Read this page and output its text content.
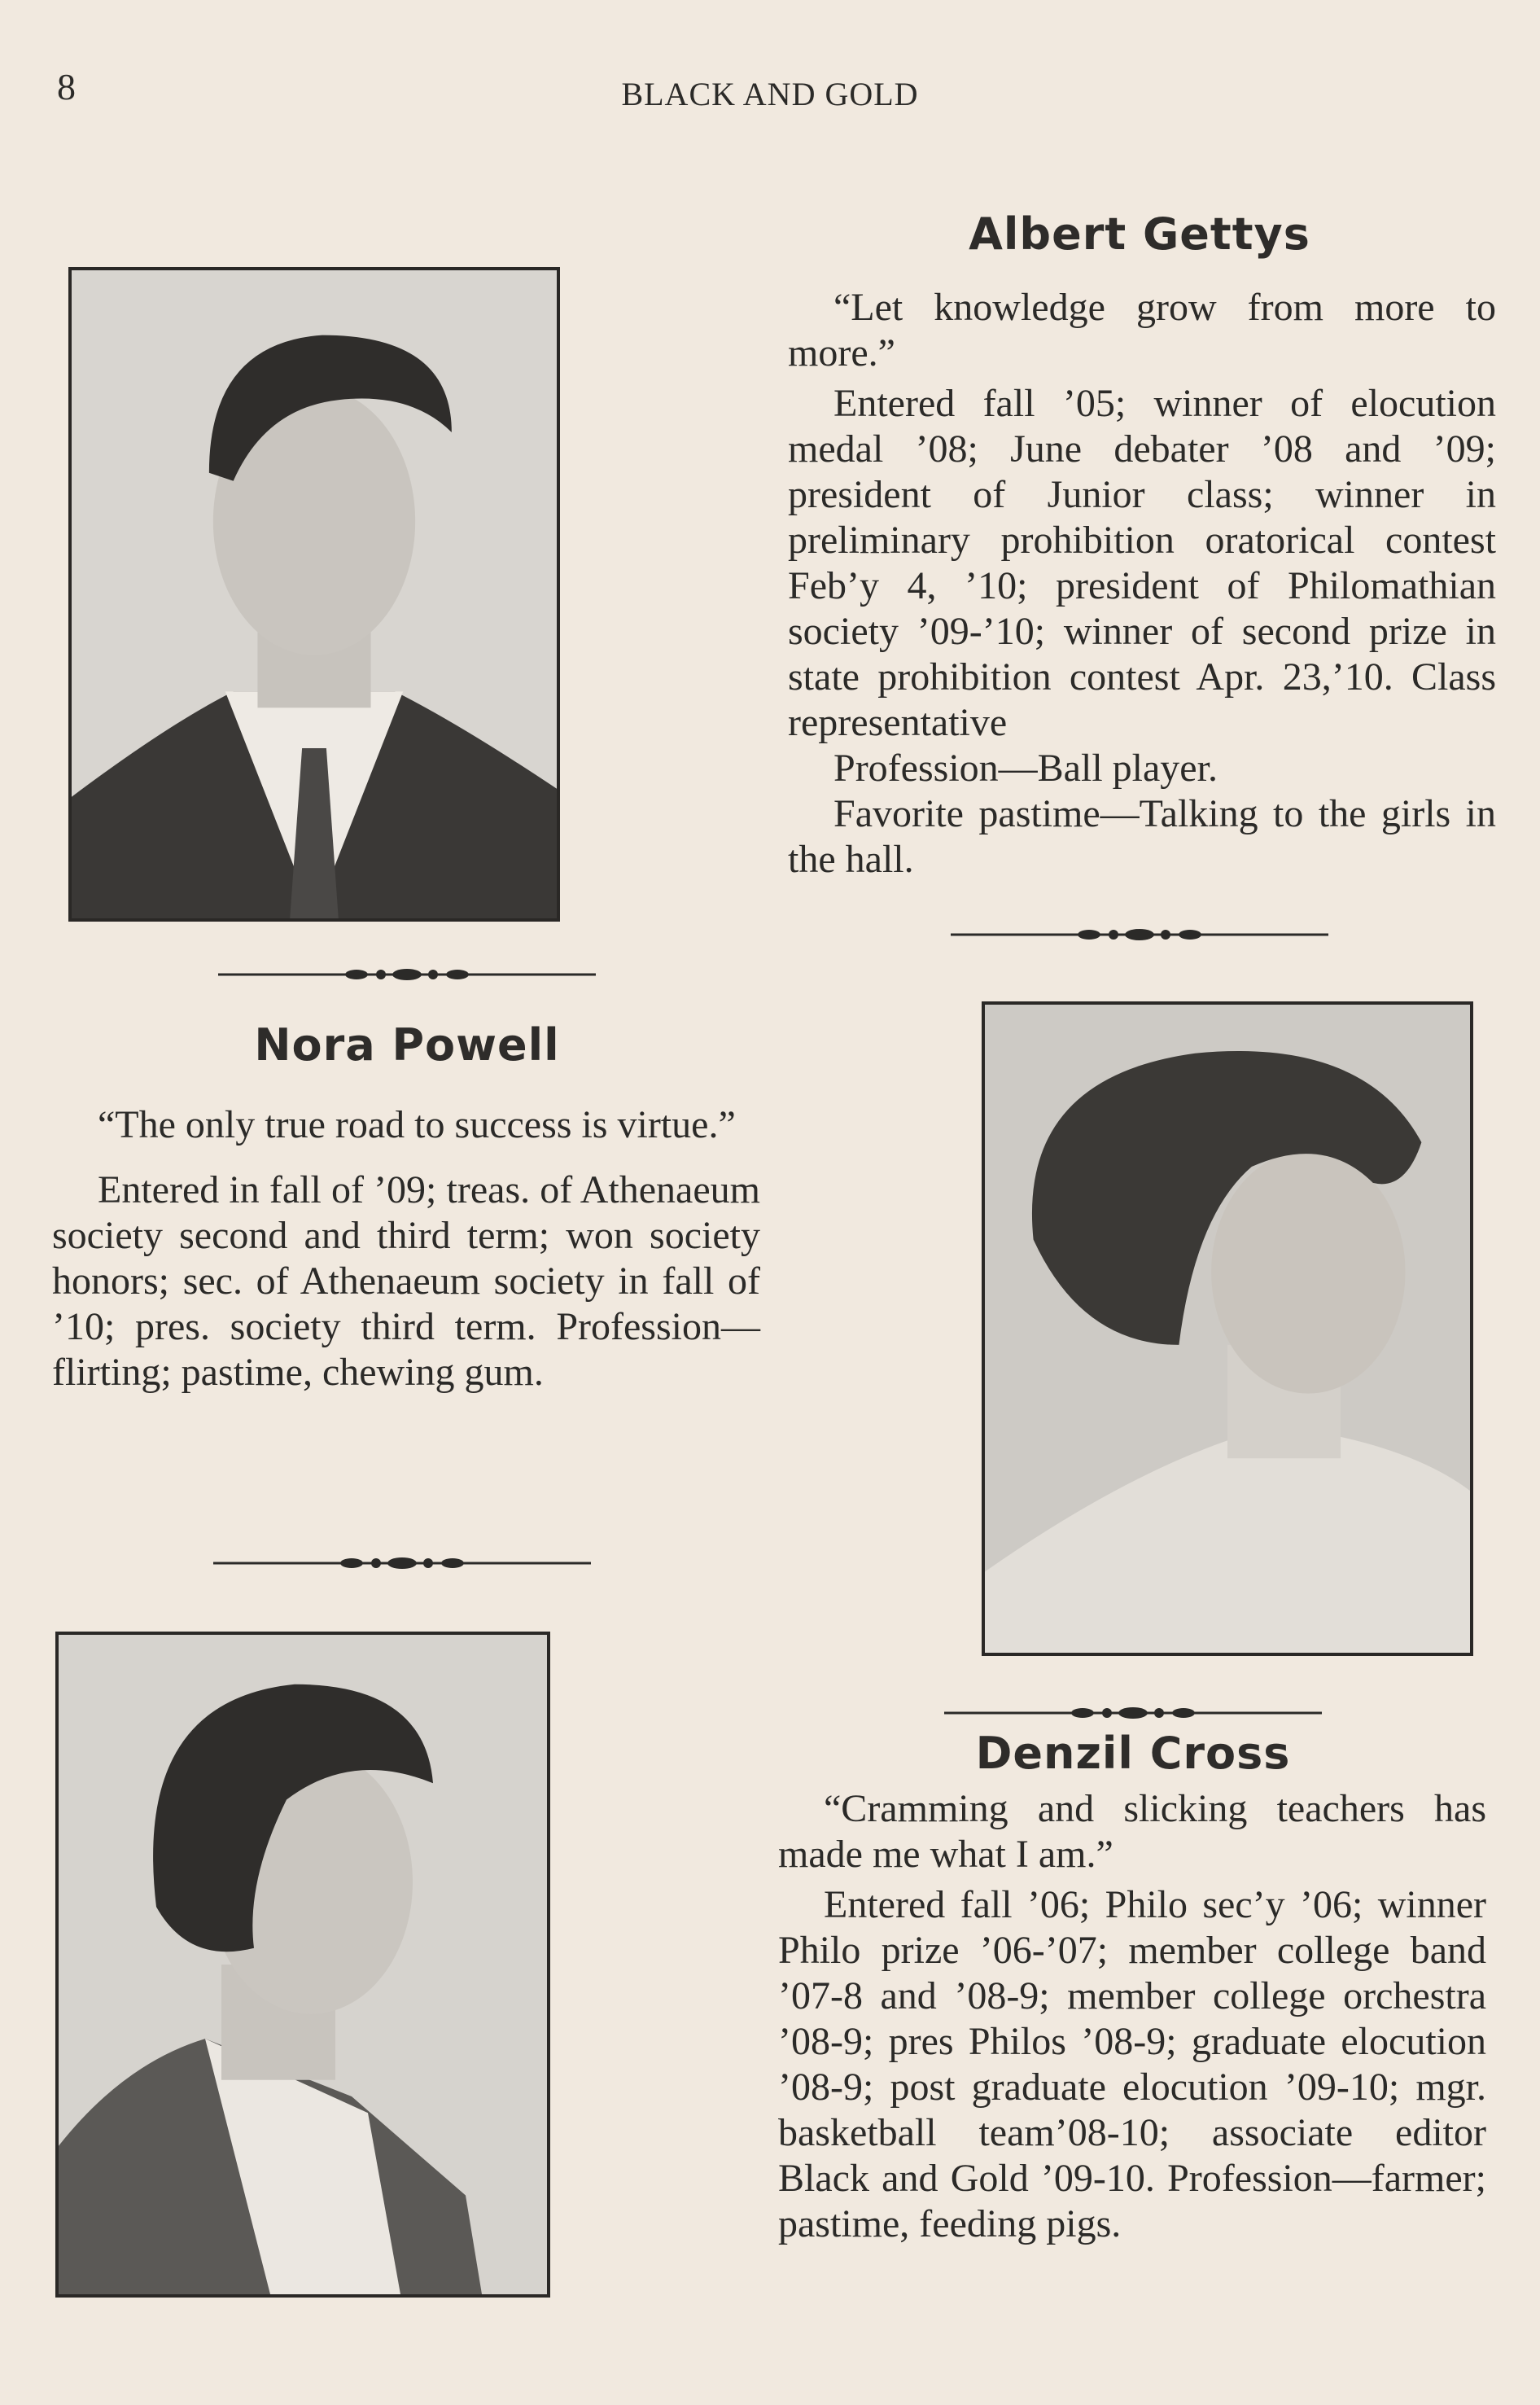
8	BLACK AND GOLD
Albert Gettys

“Let knowledge grow from more to more.”

Entered fall ’05; winner of elocution medal ’08; June debater ’08 and ’09; president of Junior class; winner in preliminary prohibition oratorical contest Feb’y 4, ’10; president of Philomathian society ’09-’10; winner of second prize in state prohibition contest Apr. 23,’10. Class representative

Profession—Ball player.

Favorite pastime—Talking to the girls in the hall.

Nora Powell

“The only true road to success is virtue.”

Entered in fall of ’09; treas. of Athenaeum society second and third term; won society honors; sec. of Athenaeum society in fall of ’10; pres. society third term. Profession—flirting; pastime, chewing gum.

Denzil Cross

“Cramming and slicking teachers has made me what I am.”

Entered fall ’06; Philo sec’y ’06; winner Philo prize ’06-’07; member college band ’07-8 and ’08-9; member college orchestra ’08-9; pres Philos ’08-9; graduate elocution ’08-9; post graduate elocution ’09-10; mgr. basketball team’08-10; associate editor Black and Gold ’09-10. Profession—farmer; pastime, feeding pigs.
